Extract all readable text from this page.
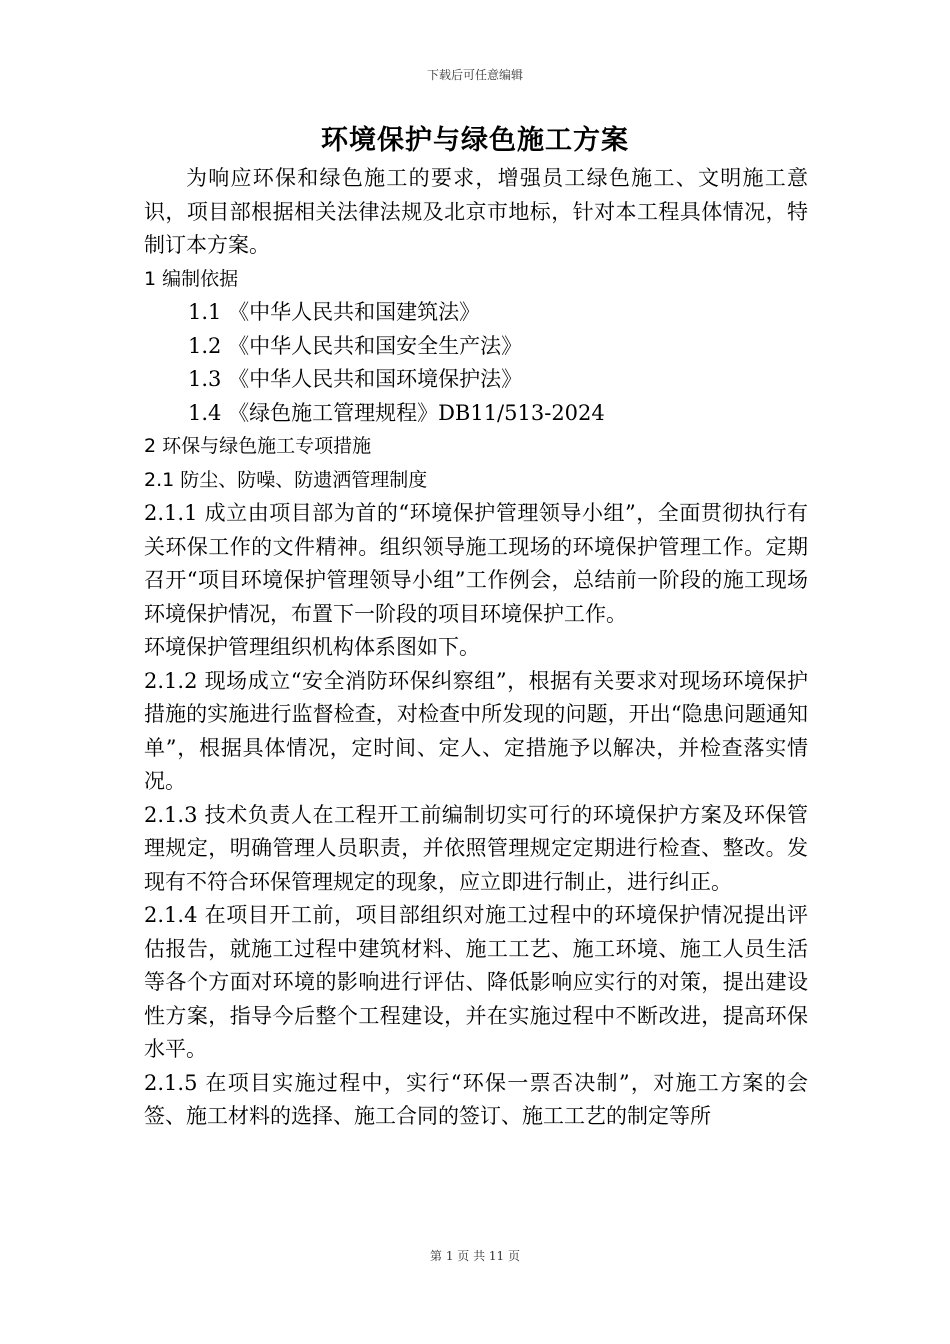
下载后可任意编辑
环境保护与绿色施工方案

为响应环保和绿色施工的要求，增强员工绿色施工、文明施工意识，项目部根据相关法律法规及北京市地标，针对本工程具体情况，特制订本方案。

1 编制依据

1.1 《中华人民共和国建筑法》

1.2 《中华人民共和国安全生产法》

1.3 《中华人民共和国环境保护法》

1.4 《绿色施工管理规程》DB11/513-2024

2 环保与绿色施工专项措施

2.1 防尘、防噪、防遗洒管理制度

2.1.1 成立由项目部为首的“环境保护管理领导小组”，全面贯彻执行有关环保工作的文件精神。组织领导施工现场的环境保护管理工作。定期召开“项目环境保护管理领导小组”工作例会，总结前一阶段的施工现场环境保护情况，布置下一阶段的项目环境保护工作。

环境保护管理组织机构体系图如下。

2.1.2 现场成立“安全消防环保纠察组”，根据有关要求对现场环境保护措施的实施进行监督检查，对检查中所发现的问题，开出“隐患问题通知单”，根据具体情况，定时间、定人、定措施予以解决，并检查落实情况。

2.1.3 技术负责人在工程开工前编制切实可行的环境保护方案及环保管理规定，明确管理人员职责，并依照管理规定定期进行检查、整改。发现有不符合环保管理规定的现象，应立即进行制止，进行纠正。

2.1.4 在项目开工前，项目部组织对施工过程中的环境保护情况提出评估报告，就施工过程中建筑材料、施工工艺、施工环境、施工人员生活等各个方面对环境的影响进行评估、降低影响应实行的对策，提出建设性方案，指导今后整个工程建设，并在实施过程中不断改进，提高环保水平。

2.1.5 在项目实施过程中，实行“环保一票否决制”，对施工方案的会签、施工材料的选择、施工合同的签订、施工工艺的制定等所

第 1 页 共 11 页
